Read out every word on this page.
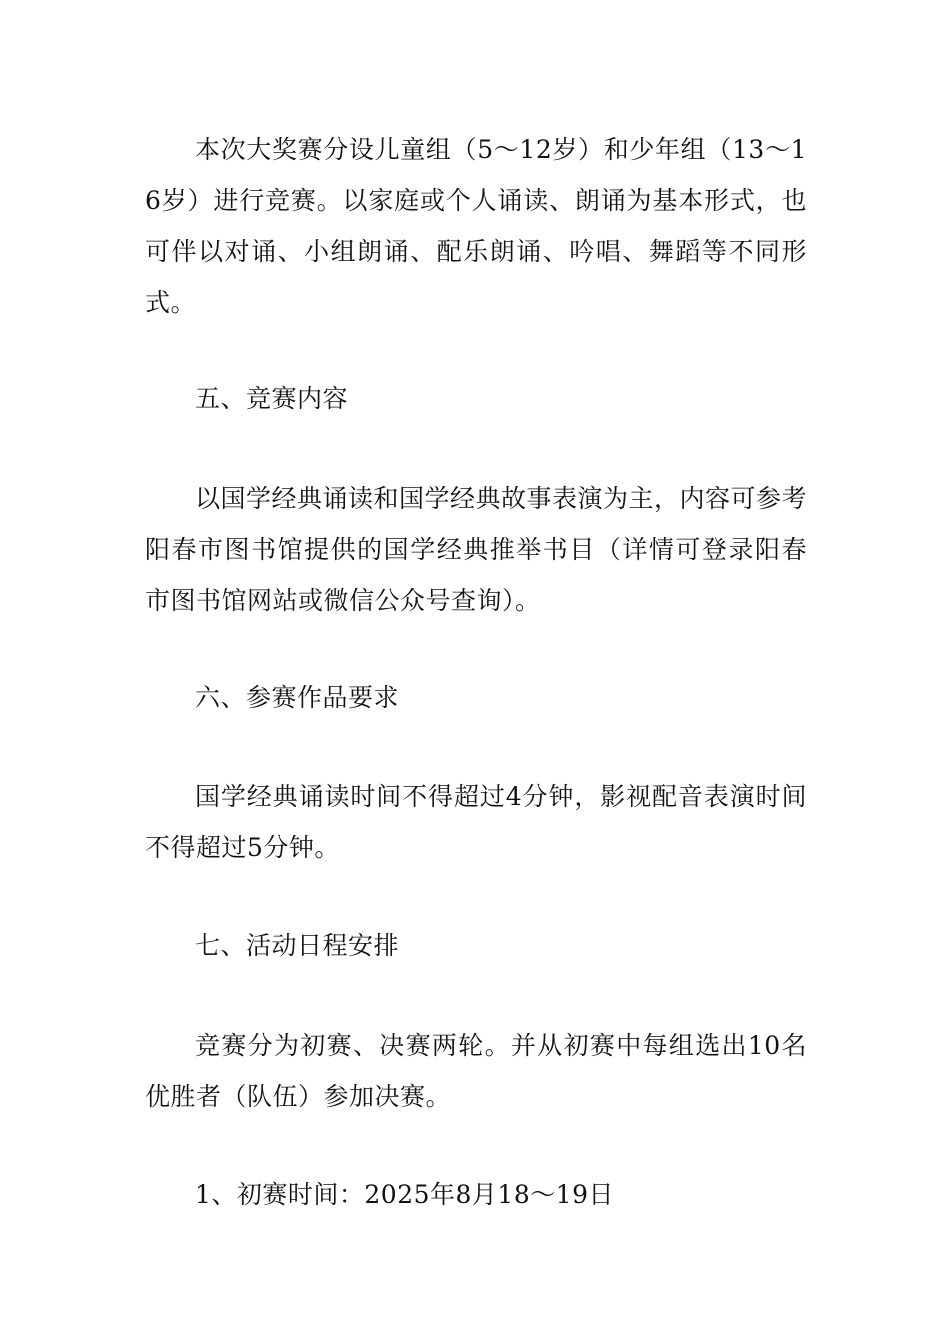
本次大奖赛分设儿童组（5～12岁）和少年组（13～16岁）进行竞赛。以家庭或个人诵读、朗诵为基本形式，也可伴以对诵、小组朗诵、配乐朗诵、吟唱、舞蹈等不同形式。

五、竞赛内容

以国学经典诵读和国学经典故事表演为主，内容可参考阳春市图书馆提供的国学经典推举书目（详情可登录阳春市图书馆网站或微信公众号查询）。

六、参赛作品要求

国学经典诵读时间不得超过4分钟，影视配音表演时间不得超过5分钟。

七、活动日程安排

竞赛分为初赛、决赛两轮。并从初赛中每组选出10名优胜者（队伍）参加决赛。

1、初赛时间：2025年8月18～19日
